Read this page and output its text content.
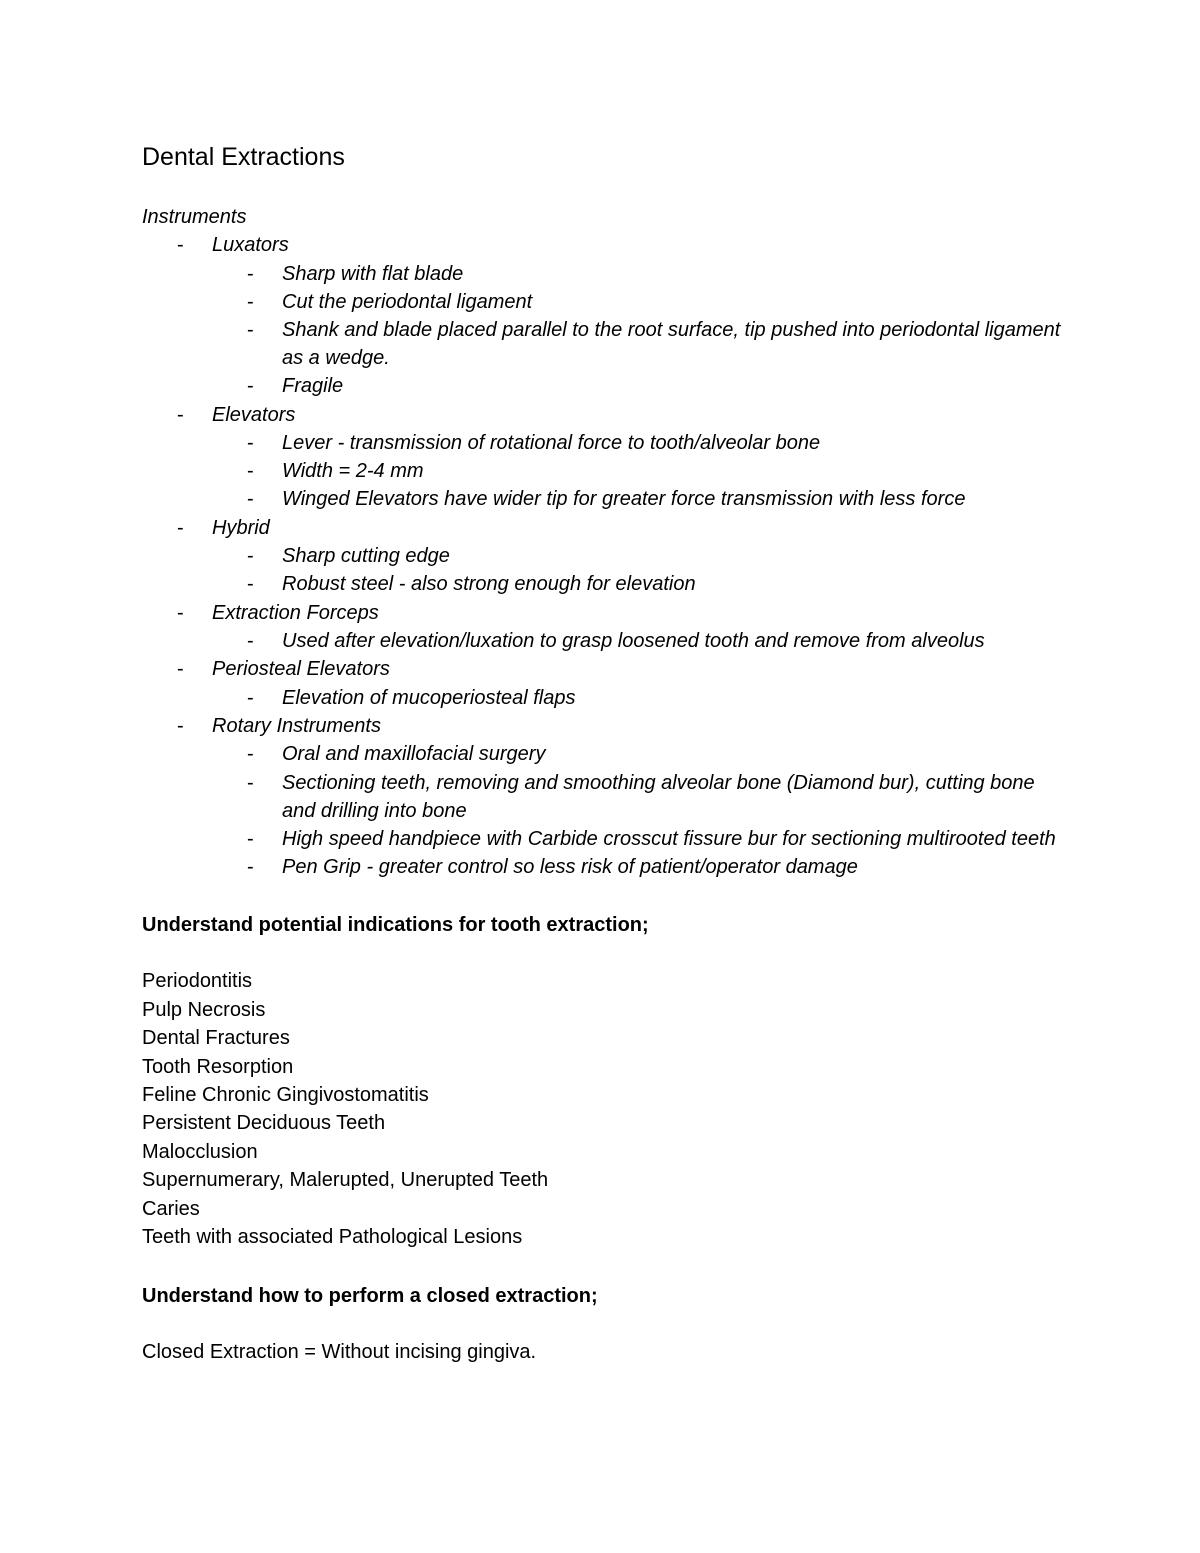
Dental Extractions
Instruments
- Luxators
- Sharp with flat blade
- Cut the periodontal ligament
- Shank and blade placed parallel to the root surface, tip pushed into periodontal ligament as a wedge.
- Fragile
- Elevators
- Lever - transmission of rotational force to tooth/alveolar bone
- Width = 2-4 mm
- Winged Elevators have wider tip for greater force transmission with less force
- Hybrid
- Sharp cutting edge
- Robust steel - also strong enough for elevation
- Extraction Forceps
- Used after elevation/luxation to grasp loosened tooth and remove from alveolus
- Periosteal Elevators
- Elevation of mucoperiosteal flaps
- Rotary Instruments
- Oral and maxillofacial surgery
- Sectioning teeth, removing and smoothing alveolar bone (Diamond bur), cutting bone and drilling into bone
- High speed handpiece with Carbide crosscut fissure bur for sectioning multirooted teeth
- Pen Grip - greater control so less risk of patient/operator damage
Understand potential indications for tooth extraction;
Periodontitis
Pulp Necrosis
Dental Fractures
Tooth Resorption
Feline Chronic Gingivostomatitis
Persistent Deciduous Teeth
Malocclusion
Supernumerary, Malerupted, Unerupted Teeth
Caries
Teeth with associated Pathological Lesions
Understand how to perform a closed extraction;
Closed Extraction = Without incising gingiva.
